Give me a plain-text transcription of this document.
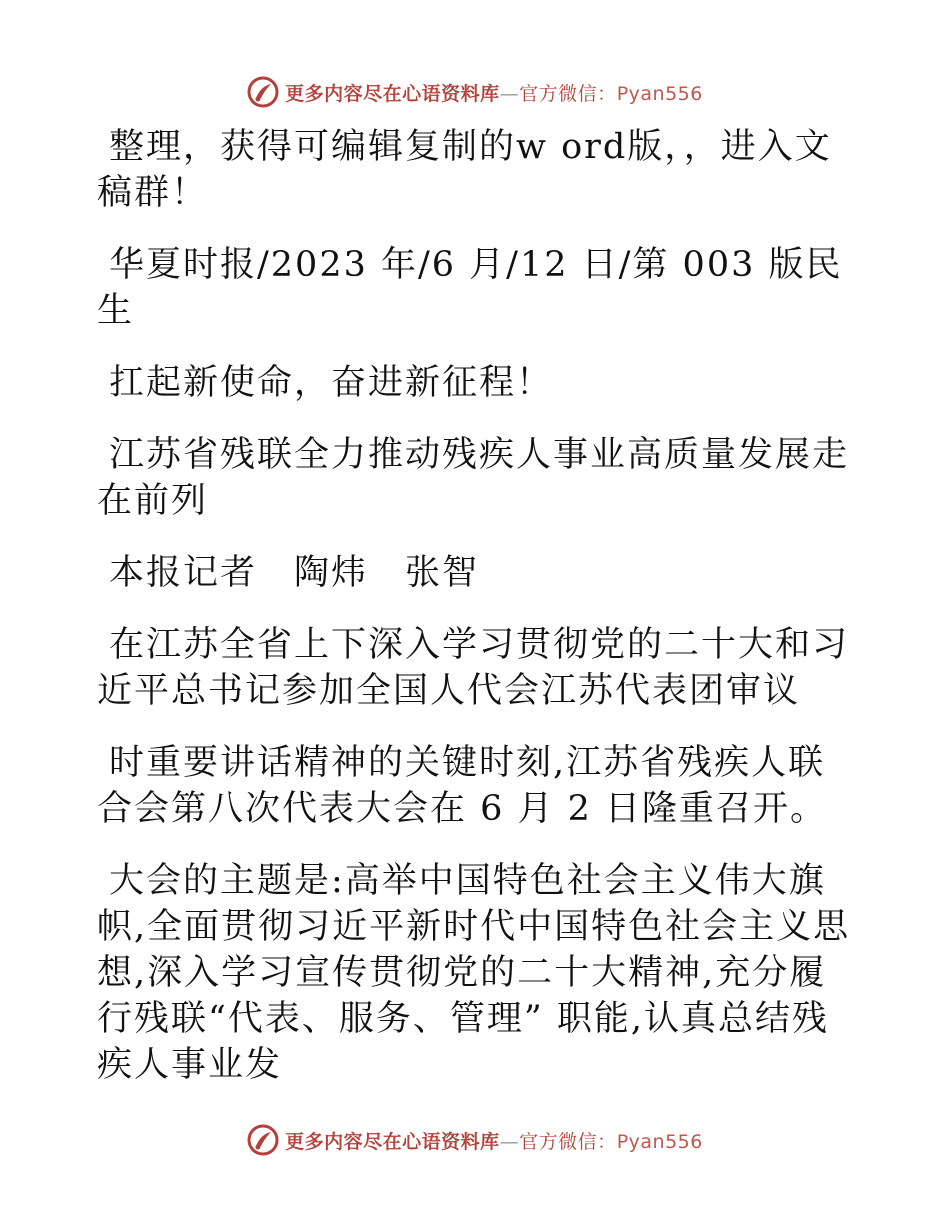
更多内容尽在心语资料库—官方微信：Pyan556

整理，获得可编辑复制的w ord版，，进入文稿群！

华夏时报/2023 年/6 月/12 日/第 003 版民生

扛起新使命，奋进新征程！

江苏省残联全力推动残疾人事业高质量发展走在前列

本报记者　陶炜　张智

在江苏全省上下深入学习贯彻党的二十大和习近平总书记参加全国人代会江苏代表团审议

时重要讲话精神的关键时刻,江苏省残疾人联合会第八次代表大会在 6 月 2 日隆重召开。

大会的主题是:高举中国特色社会主义伟大旗帜,全面贯彻习近平新时代中国特色社会主义思想,深入学习宣传贯彻党的二十大精神,充分履行残联“代表、服务、管理” 职能,认真总结残疾人事业发

更多内容尽在心语资料库—官方微信：Pyan556
